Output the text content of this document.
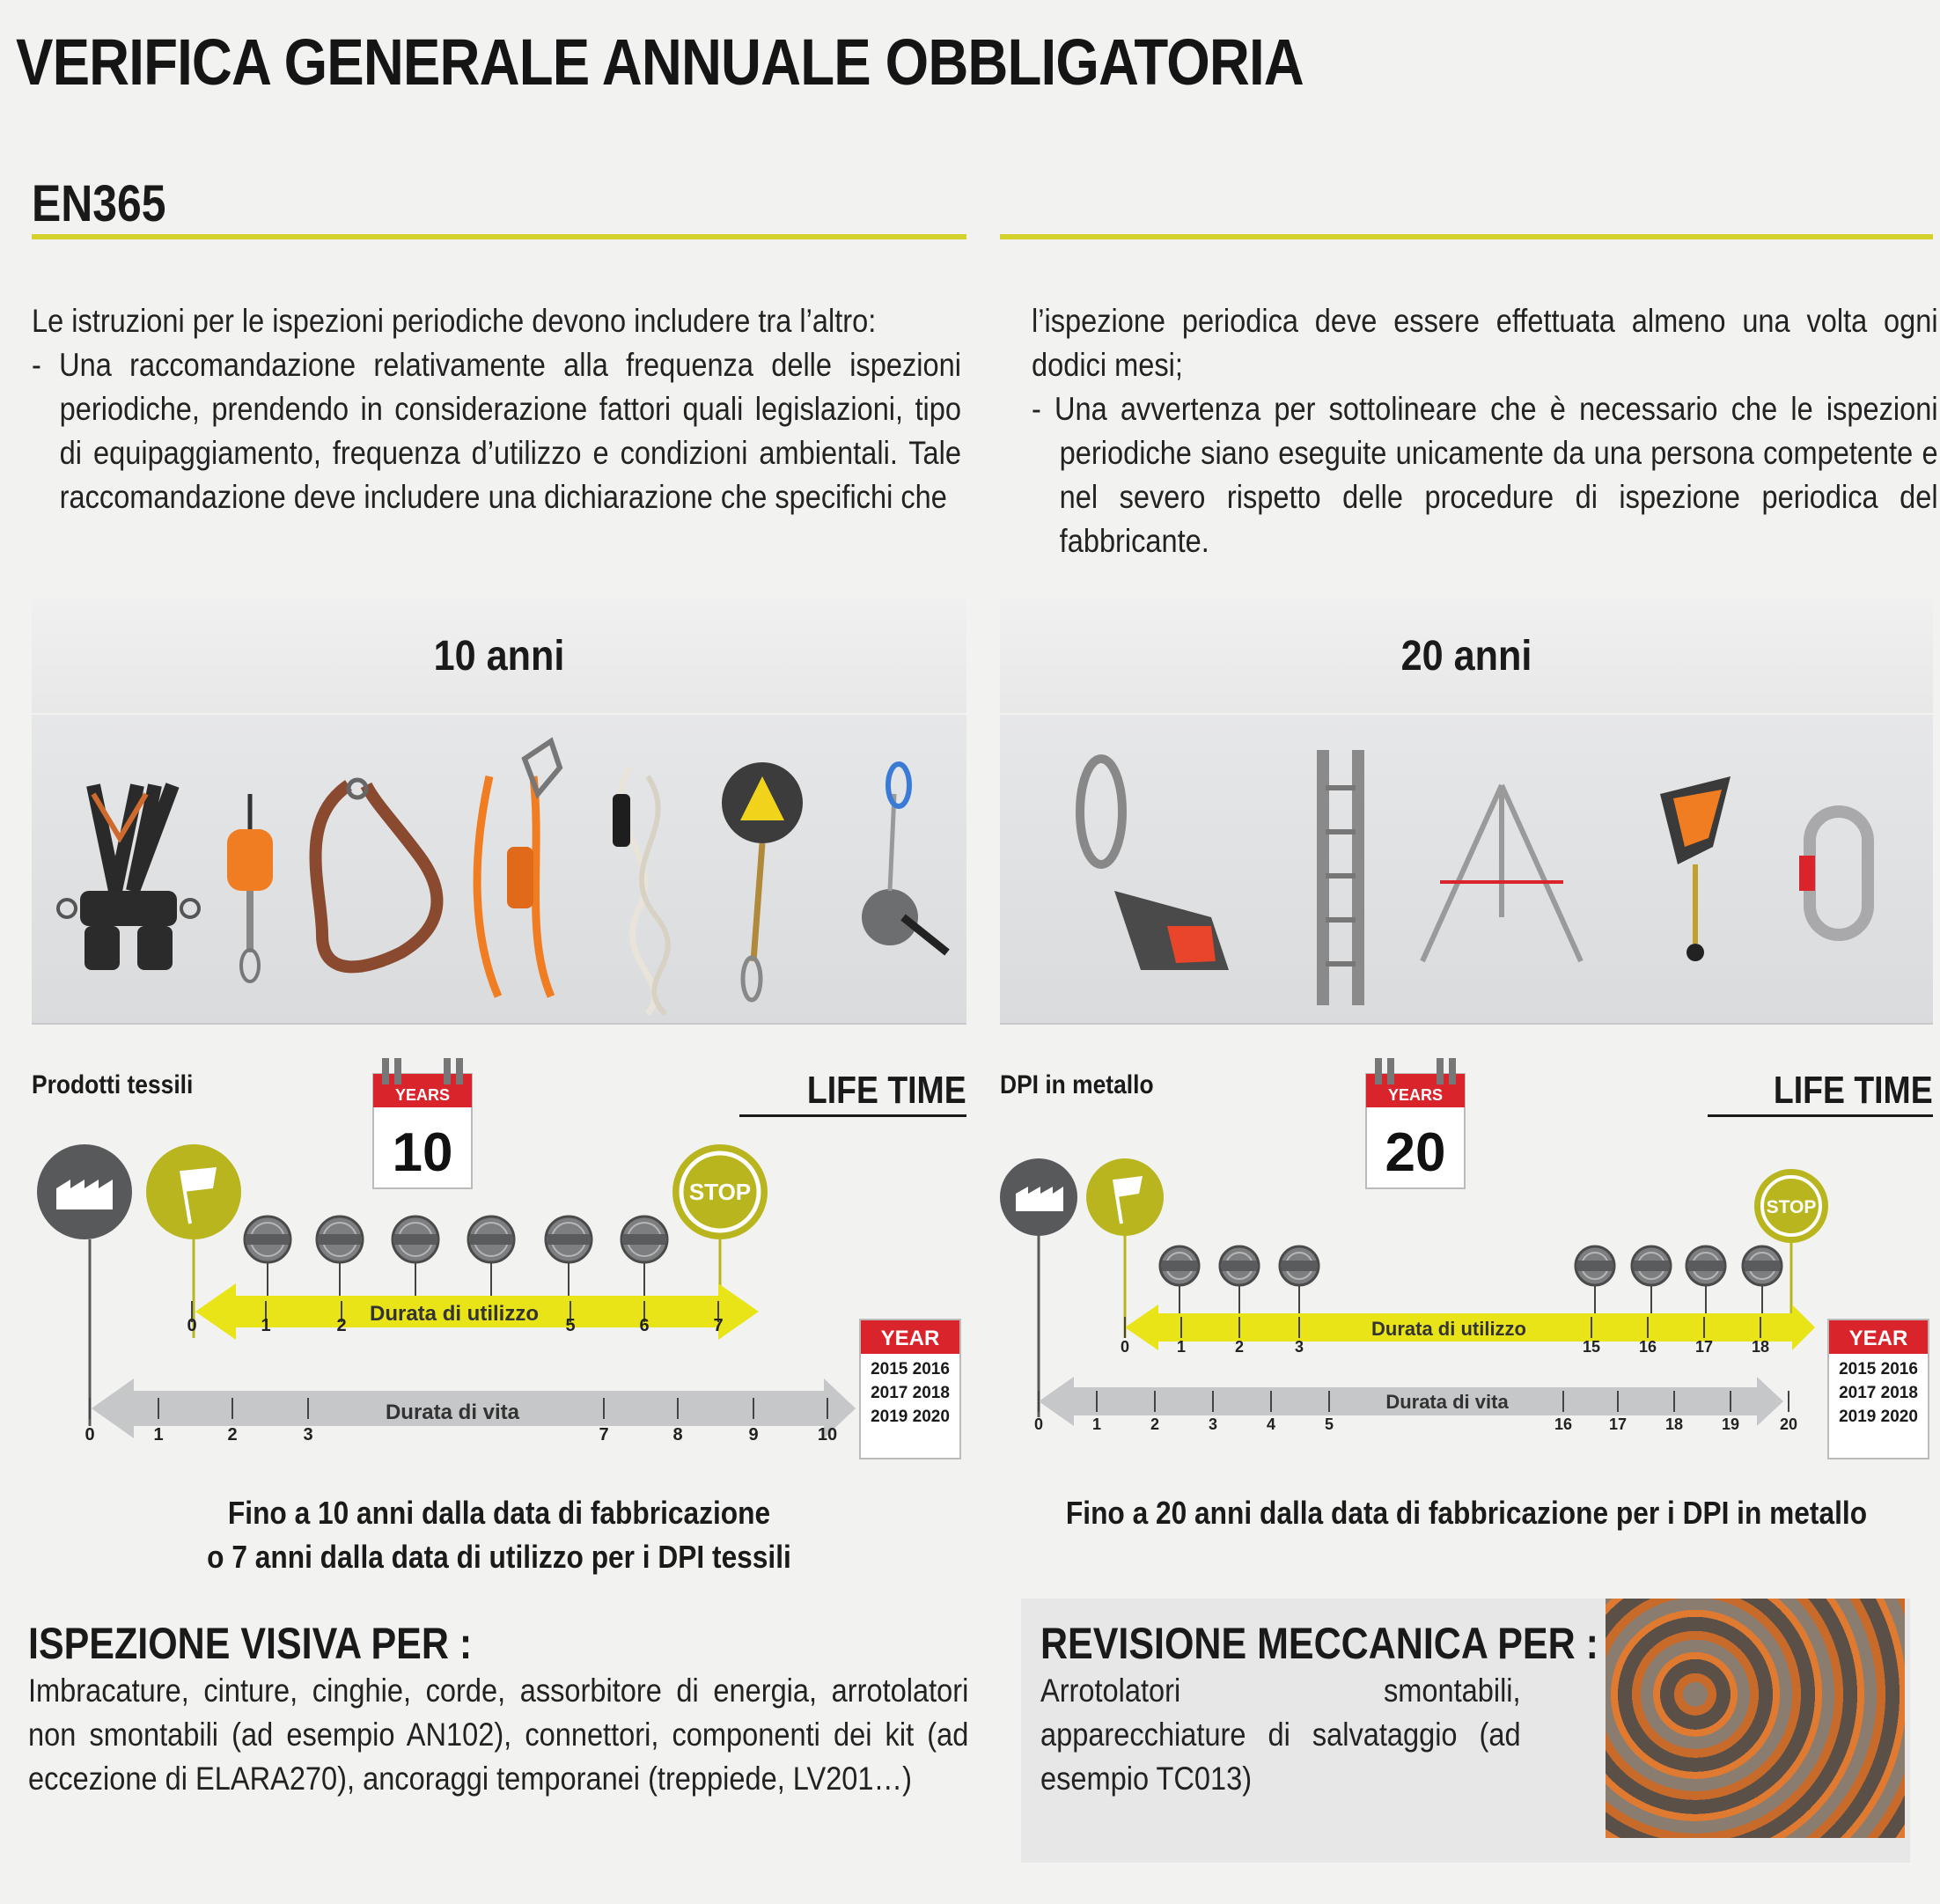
VERIFICA GENERALE ANNUALE OBBLIGATORIA
EN365

Le istruzioni per le ispezioni periodiche devono includere tra l’altro:

- Una raccomandazione relativamente alla frequenza delle ispezioni periodiche, prendendo in considerazione fattori quali legislazioni, tipo di equipaggiamento, frequenza d’utilizzo e condizioni ambientali. Tale raccomandazione deve includere una dichiarazione che specifichi che

l’ispezione periodica deve essere effettuata almeno una volta ogni dodici mesi;

- Una avvertenza per sottolineare che è necessario che le ispezioni periodiche siano eseguite unicamente da una persona competente e nel severo rispetto delle procedure di ispezione periodica del fabbricante.

10 anni	20 anni
Prodotti tessili	LIFE TIME
YEARS
10
STOP
Durata di utilizzo
0	1	2	5	6	7
Durata di vita
0	1	2	3	7	8	9	10
YEAR
2015 2016
2017 2018
2019 2020
DPI in metallo	LIFE TIME
YEARS
20
STOP
Durata di utilizzo
0	1	2	3	15 16 17 18
Durata di vita
0	1	2	3	4	5	16 17 18 19	20
YEAR
2015 2016
2017 2018
2019 2020
Fino a 10 anni dalla data di fabbricazione
o 7 anni dalla data di utilizzo per i DPI tessili
Fino a 20 anni dalla data di fabbricazione per i DPI in metallo
ISPEZIONE VISIVA PER :
Imbracature, cinture, cinghie, corde, assorbitore di energia, arrotolatori non smontabili (ad esempio AN102), connettori, componenti dei kit (ad eccezione di ELARA270), ancoraggi temporanei (treppiede, LV201…)
REVISIONE MECCANICA PER :
Arrotolatori smontabili, apparecchiature di salvataggio (ad esempio TC013)
